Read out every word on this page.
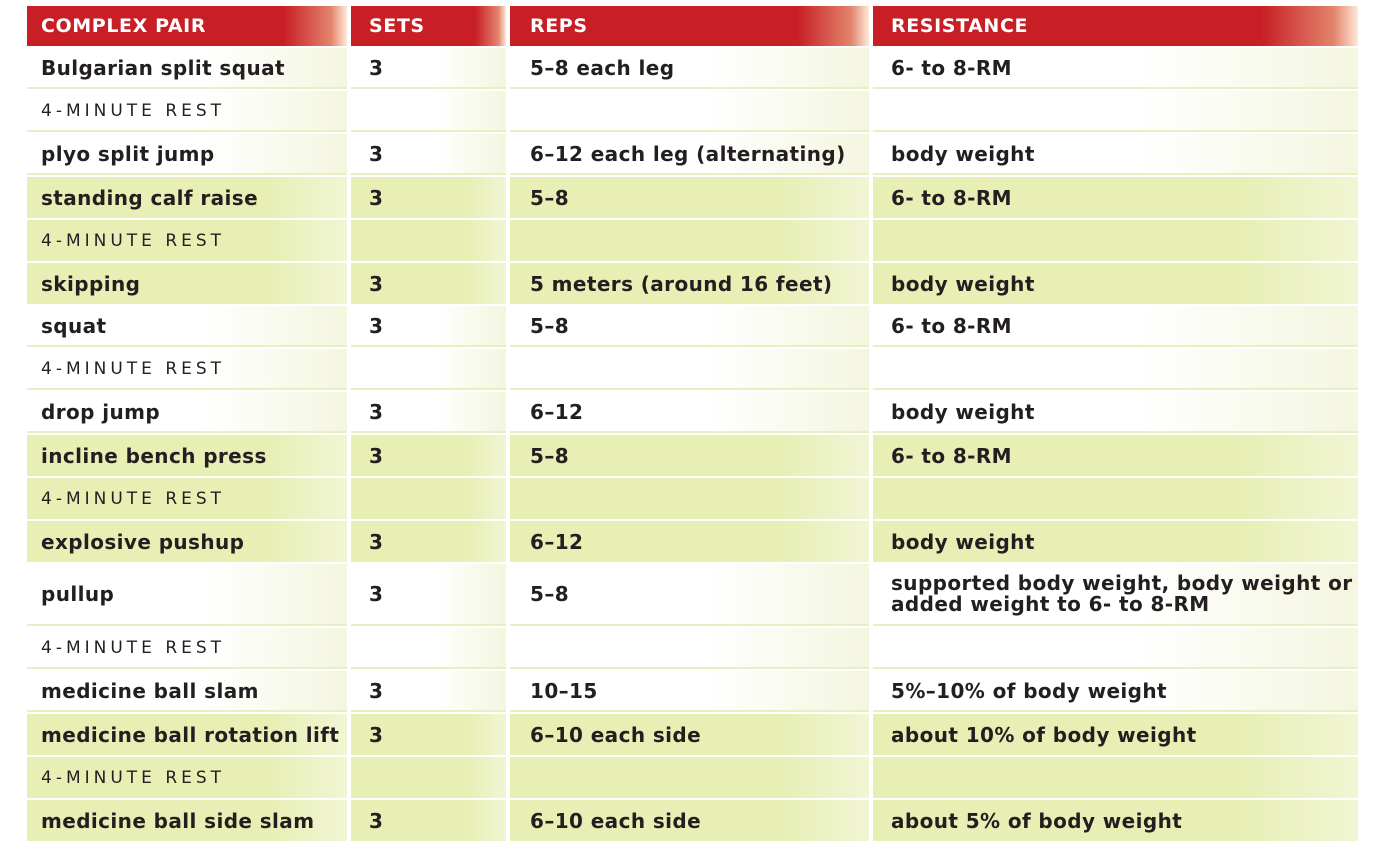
COMPLEX PAIR	SETS	REPS	RESISTANCE
Bulgarian split squat	3	5–8 each leg	6- to 8-RM
4-MINUTE REST
plyo split jump	3	6–12 each leg (alternating)	body weight
standing calf raise	3	5–8	6- to 8-RM
4-MINUTE REST
skipping	3	5 meters (around 16 feet)	body weight
squat	3	5–8	6- to 8-RM
4-MINUTE REST
drop jump	3	6–12	body weight
incline bench press	3	5–8	6- to 8-RM
4-MINUTE REST
explosive pushup	3	6–12	body weight
pullup	3	5–8	supported body weight, body weight or added weight to 6- to 8-RM
4-MINUTE REST
medicine ball slam	3	10–15	5%–10% of body weight
medicine ball rotation lift	3	6–10 each side	about 10% of body weight
4-MINUTE REST
medicine ball side slam	3	6–10 each side	about 5% of body weight
